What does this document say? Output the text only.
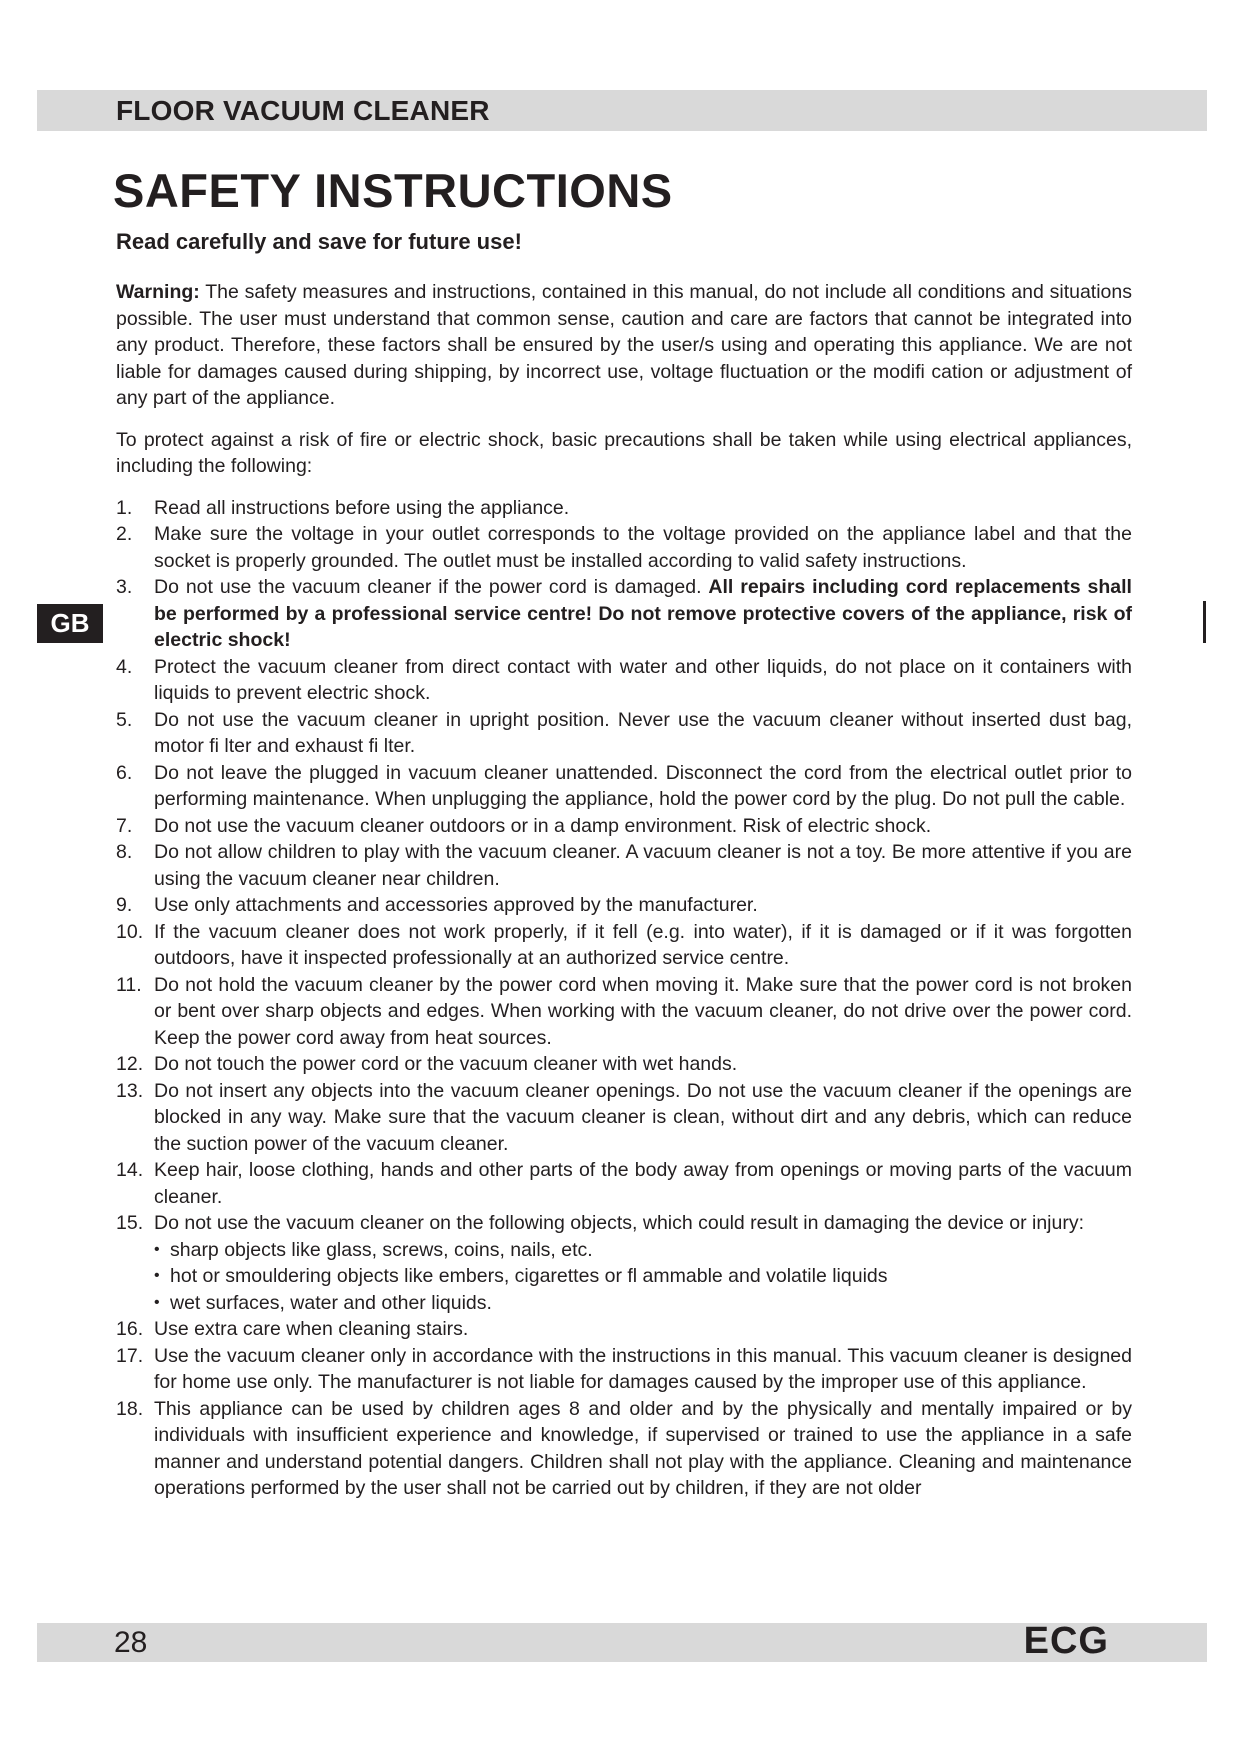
FLOOR VACUUM CLEANER
SAFETY INSTRUCTIONS
Read carefully and save for future use!

Warning: The safety measures and instructions, contained in this manual, do not include all conditions and situations possible. The user must understand that common sense, caution and care are factors that cannot be integrated into any product. Therefore, these factors shall be ensured by the user/s using and operating this appliance. We are not liable for damages caused during shipping, by incorrect use, voltage fluctuation or the modifi cation or adjustment of any part of the appliance.

To protect against a risk of fire or electric shock, basic precautions shall be taken while using electrical appliances, including the following:

1. Read all instructions before using the appliance.
2. Make sure the voltage in your outlet corresponds to the voltage provided on the appliance label and that the socket is properly grounded. The outlet must be installed according to valid safety instructions.
3. Do not use the vacuum cleaner if the power cord is damaged. All repairs including cord replacements shall be performed by a professional service centre! Do not remove protective covers of the appliance, risk of electric shock!
4. Protect the vacuum cleaner from direct contact with water and other liquids, do not place on it containers with liquids to prevent electric shock.
5. Do not use the vacuum cleaner in upright position. Never use the vacuum cleaner without inserted dust bag, motor fi lter and exhaust fi lter.
6. Do not leave the plugged in vacuum cleaner unattended. Disconnect the cord from the electrical outlet prior to performing maintenance. When unplugging the appliance, hold the power cord by the plug. Do not pull the cable.
7. Do not use the vacuum cleaner outdoors or in a damp environment. Risk of electric shock.
8. Do not allow children to play with the vacuum cleaner. A vacuum cleaner is not a toy. Be more attentive if you are using the vacuum cleaner near children.
9. Use only attachments and accessories approved by the manufacturer.
10. If the vacuum cleaner does not work properly, if it fell (e.g. into water), if it is damaged or if it was forgotten outdoors, have it inspected professionally at an authorized service centre.
11. Do not hold the vacuum cleaner by the power cord when moving it. Make sure that the power cord is not broken or bent over sharp objects and edges. When working with the vacuum cleaner, do not drive over the power cord. Keep the power cord away from heat sources.
12. Do not touch the power cord or the vacuum cleaner with wet hands.
13. Do not insert any objects into the vacuum cleaner openings. Do not use the vacuum cleaner if the openings are blocked in any way. Make sure that the vacuum cleaner is clean, without dirt and any debris, which can reduce the suction power of the vacuum cleaner.
14. Keep hair, loose clothing, hands and other parts of the body away from openings or moving parts of the vacuum cleaner.
15. Do not use the vacuum cleaner on the following objects, which could result in damaging the device or injury:
• sharp objects like glass, screws, coins, nails, etc.
• hot or smouldering objects like embers, cigarettes or fl ammable and volatile liquids
• wet surfaces, water and other liquids.
16. Use extra care when cleaning stairs.
17. Use the vacuum cleaner only in accordance with the instructions in this manual. This vacuum cleaner is designed for home use only. The manufacturer is not liable for damages caused by the improper use of this appliance.
18. This appliance can be used by children ages 8 and older and by the physically and mentally impaired or by individuals with insufficient experience and knowledge, if supervised or trained to use the appliance in a safe manner and understand potential dangers. Children shall not play with the appliance. Cleaning and maintenance operations performed by the user shall not be carried out by children, if they are not older
GB
28	ECG
